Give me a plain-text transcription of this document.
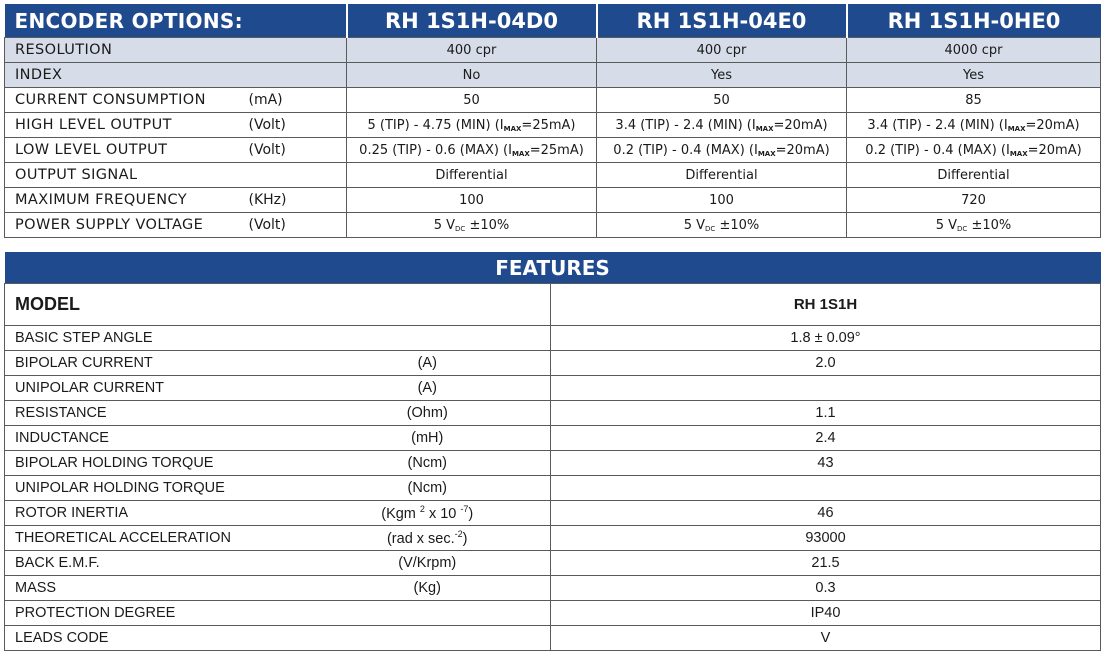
ENCODER OPTIONS:		RH 1S1H-04D0	RH 1S1H-04E0	RH 1S1H-0HE0
RESOLUTION		400 cpr	400 cpr	4000 cpr
INDEX		No	Yes	Yes
CURRENT CONSUMPTION	(mA)	50	50	85
HIGH LEVEL OUTPUT	(Volt)	5 (TIP) - 4.75 (MIN) (IMAX=25mA)	3.4 (TIP) - 2.4 (MIN) (IMAX=20mA)	3.4 (TIP) - 2.4 (MIN) (IMAX=20mA)
LOW LEVEL OUTPUT	(Volt)	0.25 (TIP) - 0.6 (MAX) (IMAX=25mA)	0.2 (TIP) - 0.4 (MAX) (IMAX=20mA)	0.2 (TIP) - 0.4 (MAX) (IMAX=20mA)
OUTPUT SIGNAL		Differential	Differential	Differential
MAXIMUM FREQUENCY	(KHz)	100	100	720
POWER SUPPLY VOLTAGE	(Volt)	5 $V_{DC} \pm 10\%$	5 $V_{DC} \pm 10\%$	5 $V_{DC} \pm 10\%$
FEATURES		
MODEL		RH 1S1H
BASIC STEP ANGLE		1.8 ± 0.09°
BIPOLAR CURRENT	(A)	2.0
UNIPOLAR CURRENT	(A)	
RESISTANCE	(Ohm)	1.1
INDUCTANCE	(mH)	2.4
BIPOLAR HOLDING TORQUE	(Ncm)	43
UNIPOLAR HOLDING TORQUE	(Ncm)	
ROTOR INERTIA	(Kgm $^2$ x 10 $^{-7}$)	46
THEORETICAL ACCELERATION	(rad x sec.$^{-2}$)	93000
BACK E.M.F.	(V/Krpm)	21.5
MASS	(Kg)	0.3
PROTECTION DEGREE		IP40
LEADS CODE		V
